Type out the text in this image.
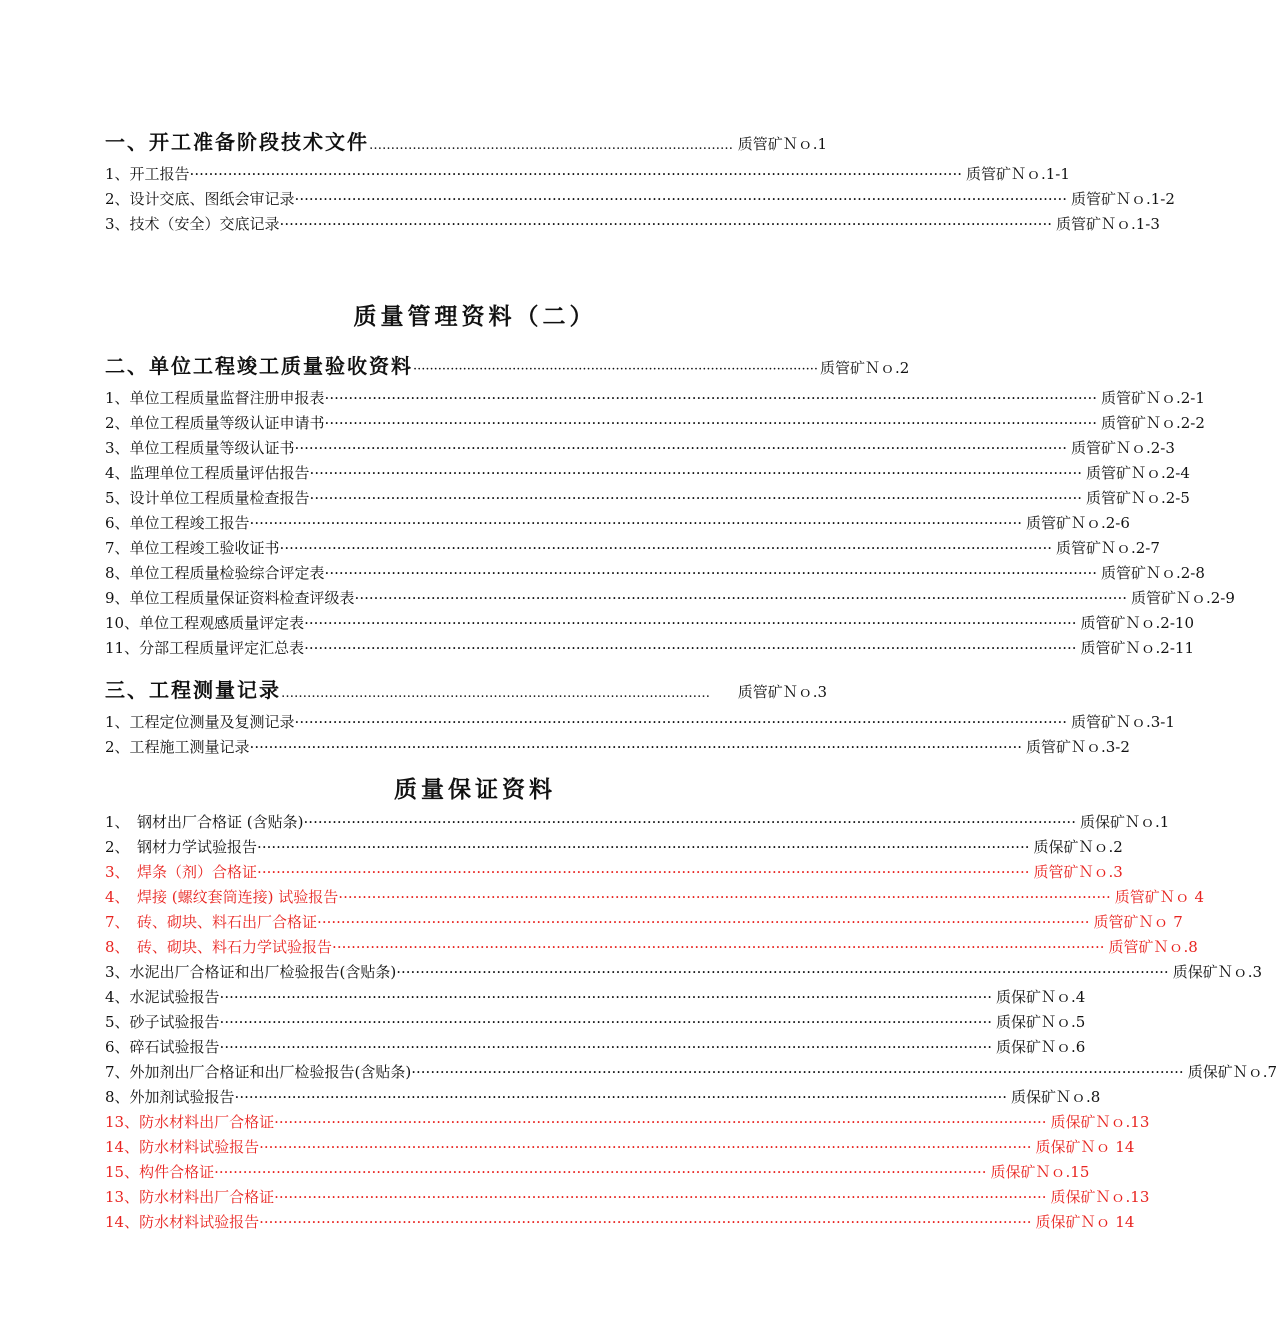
一、开工准备阶段技术文件 ………………………………………………………………………… 质管矿Ｎｏ.1
1、开工报告 ·····	质管矿Ｎｏ.1-1
2、设计交底、图纸会审记录 ·····	质管矿Ｎｏ.1-2
3、技术（安全）交底记录 ·····	质管矿Ｎｏ.1-3
质量管理资料（二）
二、单位工程竣工质量验收资料 ·································································································· 质管矿Ｎｏ.2
1、单位工程质量监督注册申报表 ·····	质管矿Ｎｏ.2-1
2、单位工程质量等级认证申请书 ·····	质管矿Ｎｏ.2-2
3、单位工程质量等级认证书 ·····	质管矿Ｎｏ.2-3
4、监理单位工程质量评估报告 ·····	质管矿Ｎｏ.2-4
5、设计单位工程质量检查报告 ·····	质管矿Ｎｏ.2-5
6、单位工程竣工报告 ·····	质管矿Ｎｏ.2-6
7、单位工程竣工验收证书 ·····	质管矿Ｎｏ.2-7
8、单位工程质量检验综合评定表 ·····	质管矿Ｎｏ.2-8
9、单位工程质量保证资料检查评级表 ·····	质管矿Ｎｏ.2-9
10、单位工程观感质量评定表 ·····	质管矿Ｎｏ.2-10
11、分部工程质量评定汇总表 ·····	质管矿Ｎｏ.2-11
三、工程测量记录 ………………………………………………………………………………………	质管矿Ｎｏ.3
1、工程定位测量及复测记录 ·····	质管矿Ｎｏ.3-1
2、工程施工测量记录 ·····	质管矿Ｎｏ.3-2
质量保证资料
1、　钢材出厂合格证 (含贴条) ·····	质保矿Ｎｏ.1
2、　钢材力学试验报告 ·····	质保矿Ｎｏ.2
3、　焊条（剂）合格证 ·····	质管矿Ｎｏ.3
4、　焊接 (螺纹套筒连接) 试验报告 ·····	质管矿Ｎｏ 4
7、　砖、砌块、料石出厂合格证 ·····	质管矿Ｎｏ 7
8、　砖、砌块、料石力学试验报告 ·····	质管矿Ｎｏ.8
3、水泥出厂合格证和出厂检验报告(含贴条) ·····	质保矿Ｎｏ.3
4、水泥试验报告 ·····	质保矿Ｎｏ.4
5、砂子试验报告 ·····	质保矿Ｎｏ.5
6、碎石试验报告 ·····	质保矿Ｎｏ.6
7、外加剂出厂合格证和出厂检验报告(含贴条) ·····	质保矿Ｎｏ.7
8、外加剂试验报告 ·····	质保矿Ｎｏ.8
13、防水材料出厂合格证 ·····	质保矿Ｎｏ.13
14、防水材料试验报告 ·····	质保矿Ｎｏ 14
15、构件合格证 ·····	质保矿Ｎｏ.15
13、防水材料出厂合格证 ·····	质保矿Ｎｏ.13
14、防水材料试验报告 ·····	质保矿Ｎｏ 14
